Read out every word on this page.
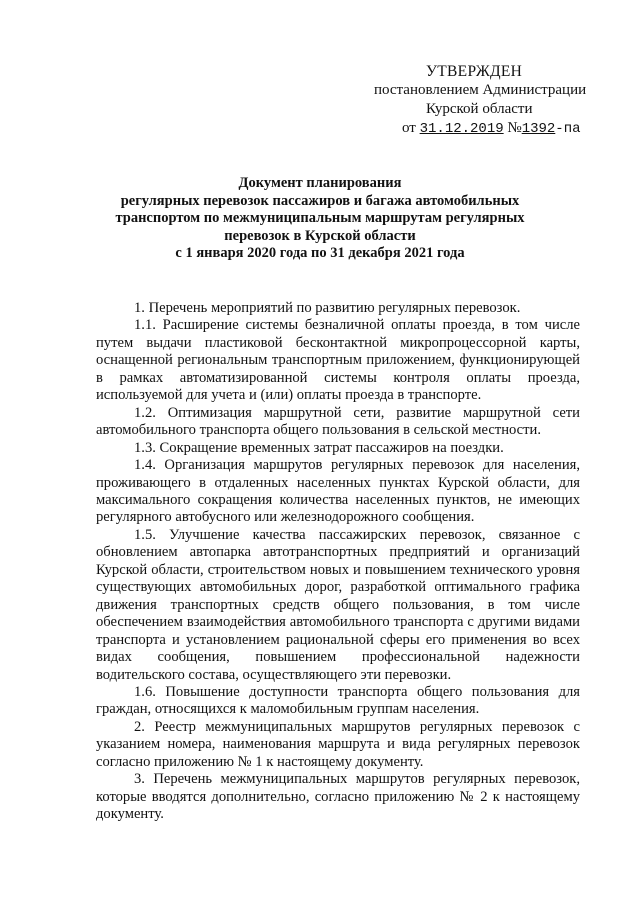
УТВЕРЖДЕН
постановлением Администрации
Курской области
от 31.12.2019 №1392-па
Документ планирования
регулярных перевозок пассажиров и багажа автомобильных
транспортом по межмуниципальным маршрутам регулярных
перевозок в Курской области
с 1 января 2020 года по 31 декабря 2021 года

1. Перечень мероприятий по развитию регулярных перевозок.

1.1. Расширение системы безналичной оплаты проезда, в том числе путем выдачи пластиковой бесконтактной микропроцессорной карты, оснащенной региональным транспортным приложением, функционирующей в рамках автоматизированной системы контроля оплаты проезда, используемой для учета и (или) оплаты проезда в транспорте.

1.2. Оптимизация маршрутной сети, развитие маршрутной сети автомобильного транспорта общего пользования в сельской местности.

1.3. Сокращение временных затрат пассажиров на поездки.

1.4. Организация маршрутов регулярных перевозок для населения, проживающего в отдаленных населенных пунктах Курской области, для максимального сокращения количества населенных пунктов, не имеющих регулярного автобусного или железнодорожного сообщения.

1.5. Улучшение качества пассажирских перевозок, связанное с обновлением автопарка автотранспортных предприятий и организаций Курской области, строительством новых и повышением технического уровня существующих автомобильных дорог, разработкой оптимального графика движения транспортных средств общего пользования, в том числе обеспечением взаимодействия автомобильного транспорта с другими видами транспорта и установлением рациональной сферы его применения во всех видах сообщения, повышением профессиональной надежности водительского состава, осуществляющего эти перевозки.

1.6. Повышение доступности транспорта общего пользования для граждан, относящихся к маломобильным группам населения.

2. Реестр межмуниципальных маршрутов регулярных перевозок с указанием номера, наименования маршрута и вида регулярных перевозок согласно приложению № 1 к настоящему документу.

3. Перечень межмуниципальных маршрутов регулярных перевозок, которые вводятся дополнительно, согласно приложению № 2 к настоящему документу.
